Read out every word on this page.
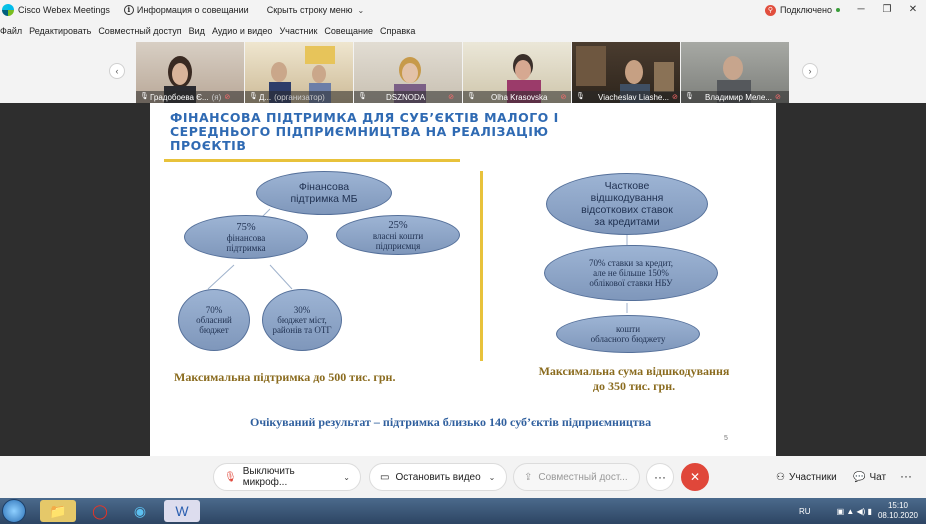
Cisco Webex Meetings	i Информация о совещании Скрыть строку меню ⌄	⚲ Подключено	─	❐	✕
Файл Редактировать Совместный доступ Вид Аудио и видео Участник Совещание Справка
‹
🎙 Градобоева Є... (я) ⊘	🎙 Д... (организатор)	🎙 DSZNODA	⊘ 🎙 Olha Krasovska ⊘ 🎙 Viacheslav Liashe... ⊘ 🎙 Владимир Меле... ⊘
›
ФІНАНСОВА ПІДТРИМКА ДЛЯ СУБ’ЄКТІВ МАЛОГО І СЕРЕДНЬОГО ПІДПРИЄМНИЦТВА НА РЕАЛІЗАЦІЮ ПРОЄКТІВ
Фінансова
підтримка МБ
75%
фінансова
підтримка
25%
власні кошти
підприємця
70%
обласний
бюджет
30%
бюджет міст,
районів та ОТГ
Максимальна підтримка до 500 тис. грн.
Часткове
відшкодування
відсоткових ставок
за кредитами
70% ставки за кредит,
але не більше 150%
облікової ставки НБУ
кошти
обласного бюджету
Максимальна сума відшкодування
до 350 тис. грн.
Очікуваний результат – підтримка близько 140 суб’єктів підприємництва
5
🎙 Выключить микроф...	⌄	▭ Остановить видео ⌄	⇪ Совместный дост...	···	✕	⚇ Участники 💬 Чат	···
📁	◯	◉	W	RU	▣ ▲ ◀) ▮
15:10
08.10.2020
